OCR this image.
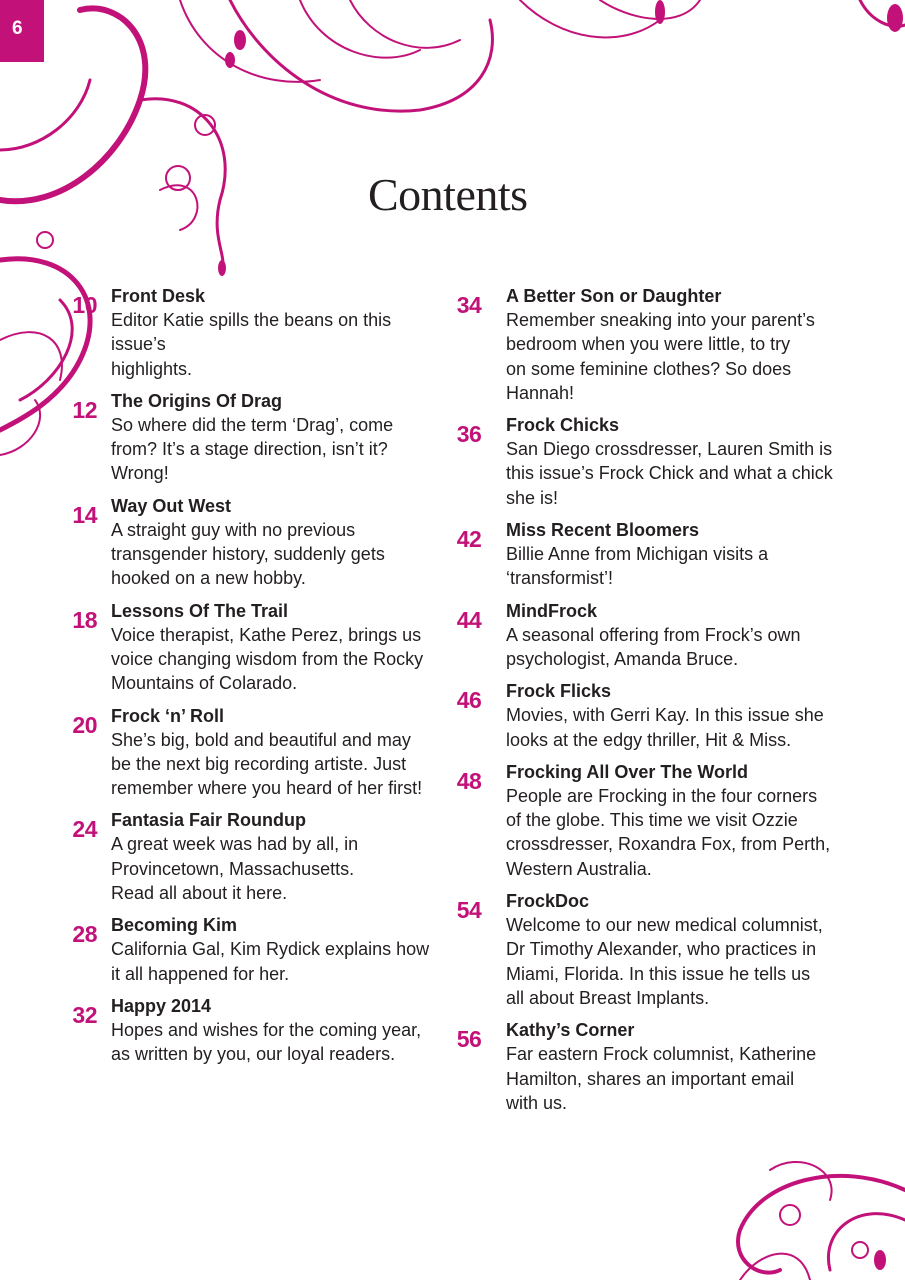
6
Contents
10 Front Desk
Editor Katie spills the beans on this issue’s
highlights.
12 The Origins Of Drag
So where did the term ‘Drag’, come
from? It’s a stage direction, isn’t it?
Wrong!
14 Way Out West
A straight guy with no previous
transgender history, suddenly gets
hooked on a new hobby.
18 Lessons Of The Trail
Voice therapist, Kathe Perez, brings us
voice changing wisdom from the Rocky
Mountains of Colarado.
20 Frock ‘n’ Roll
She’s big, bold and beautiful and may
be the next big recording artiste. Just
remember where you heard of her first!
24 Fantasia Fair Roundup
A great week was had by all, in
Provincetown, Massachusetts.
Read all about it here.
28 Becoming Kim
California Gal, Kim Rydick explains how
it all happened for her.
32 Happy 2014
Hopes and wishes for the coming year,
as written by you, our loyal readers.
34	A Better Son or Daughter
Remember sneaking into your parent’s
bedroom when you were little, to try
on some feminine clothes? So does
Hannah!
36	Frock Chicks
San Diego crossdresser, Lauren Smith is
this issue’s Frock Chick and what a chick
she is!
42	Miss Recent Bloomers
Billie Anne from Michigan visits a
‘transformist’!
44	MindFrock
A seasonal offering from Frock’s own
psychologist, Amanda Bruce.
46	Frock Flicks
Movies, with Gerri Kay. In this issue she
looks at the edgy thriller, Hit & Miss.
48	Frocking All Over The World
People are Frocking in the four corners
of the globe. This time we visit Ozzie
crossdresser, Roxandra Fox, from Perth,
Western Australia.
54	FrockDoc
Welcome to our new medical columnist,
Dr Timothy Alexander, who practices in
Miami, Florida. In this issue he tells us
all about Breast Implants.
56	Kathy’s Corner
Far eastern Frock columnist, Katherine
Hamilton, shares an important email
with us.
